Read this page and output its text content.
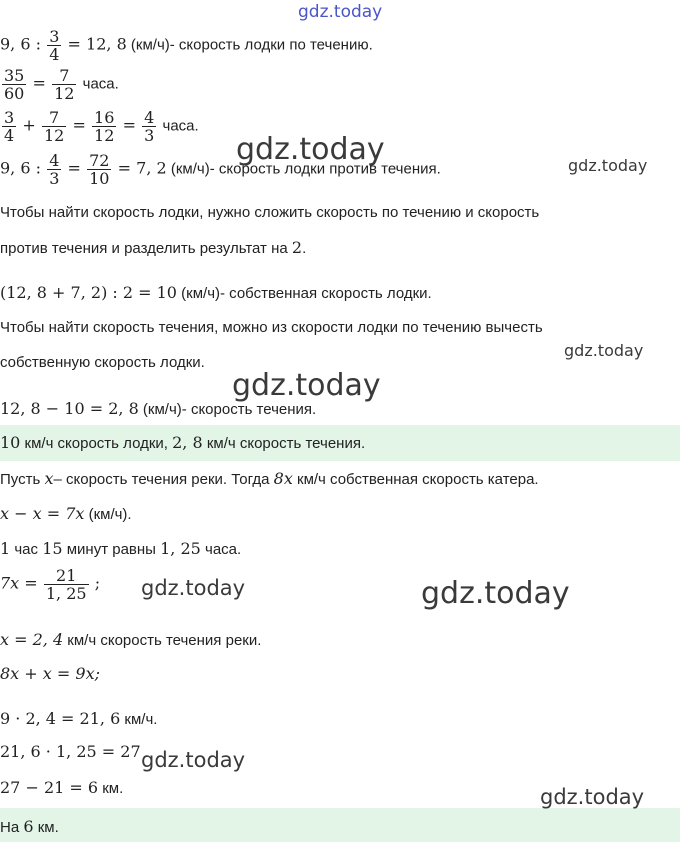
9, 6 : $\frac{3}{4} = 12$, 8 (км/ч)- скорость лодки по течению.
$\frac{35}{60} = \frac{7}{12}$ часа.
$\frac{3}{4} + \frac{7}{12} = \frac{16}{12} = \frac{4}{3}$ часа.
9, 6 : $\frac{4}{3} = \frac{72}{10} = 7$, 2 (км/ч)- скорость лодки против течения.
Чтобы найти скорость лодки, нужно сложить скорость по течению и скорость
против течения и разделить результат на 2.
(12, 8 + 7, 2) : 2 = 10 (км/ч)- собственная скорость лодки.
Чтобы найти скорость течения, можно из скорости лодки по течению вычесть
собственную скорость лодки.
12, 8 − 10 = 2, 8 (км/ч)- скорость течения.
10 км/ч скорость лодки, 2, 8 км/ч скорость течения.
Пусть x– скорость течения реки. Тогда 8x км/ч собственная скорость катера.
x − x = 7x (км/ч).
1 час 15 минут равны 1, 25 часа.
$7x = \frac{21}{1, 25}$ ;
x = 2, 4 км/ч скорость течения реки.
8x + x = 9x;
9 · 2, 4 = 21, 6 км/ч.
21, 6 · 1, 25 = 27
27 − 21 = 6 км.
На 6 км.
gdz.today
gdz.today	gdz.today
gdz.today
gdz.today
gdz.today	gdz.today
gdz.today
gdz.today
